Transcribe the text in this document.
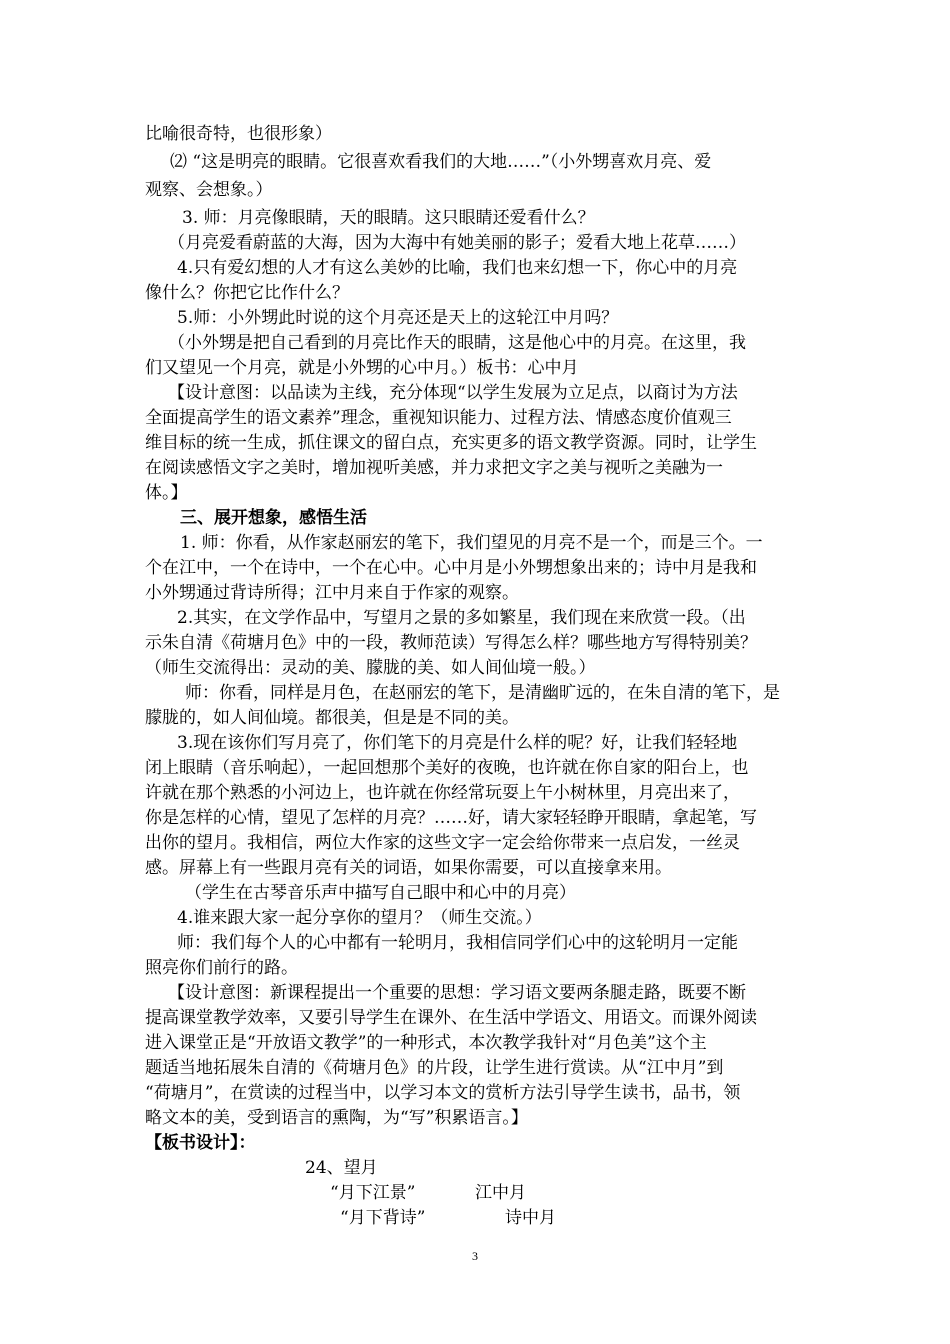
比喻很奇特，也很形象）
⑵ “这是明亮的眼睛。它很喜欢看我们的大地……”（小外甥喜欢月亮、爱
观察、会想象。）
3. 师：月亮像眼睛，天的眼睛。这只眼睛还爱看什么？
（月亮爱看蔚蓝的大海，因为大海中有她美丽的影子；爱看大地上花草……）
4.只有爱幻想的人才有这么美妙的比喻，我们也来幻想一下，你心中的月亮
像什么？你把它比作什么？
5.师：小外甥此时说的这个月亮还是天上的这轮江中月吗？
（小外甥是把自己看到的月亮比作天的眼睛，这是他心中的月亮。在这里，我
们又望见一个月亮，就是小外甥的心中月。）板书：心中月
【设计意图：以品读为主线，充分体现“以学生发展为立足点，以商讨为方法
全面提高学生的语文素养”理念，重视知识能力、过程方法、情感态度价值观三
维目标的统一生成，抓住课文的留白点，充实更多的语文教学资源。同时，让学生
在阅读感悟文字之美时，增加视听美感，并力求把文字之美与视听之美融为一
体。】
三、展开想象，感悟生活
1. 师：你看，从作家赵丽宏的笔下，我们望见的月亮不是一个，而是三个。一
个在江中，一个在诗中，一个在心中。心中月是小外甥想象出来的；诗中月是我和
小外甥通过背诗所得；江中月来自于作家的观察。
2.其实，在文学作品中，写望月之景的多如繁星，我们现在来欣赏一段。（出
示朱自清《荷塘月色》中的一段，教师范读）写得怎么样？哪些地方写得特别美？
（师生交流得出：灵动的美、朦胧的美、如人间仙境一般。）
师：你看，同样是月色，在赵丽宏的笔下，是清幽旷远的，在朱自清的笔下，是
朦胧的，如人间仙境。都很美，但是是不同的美。
3.现在该你们写月亮了，你们笔下的月亮是什么样的呢？好，让我们轻轻地
闭上眼睛（音乐响起），一起回想那个美好的夜晚，也许就在你自家的阳台上，也
许就在那个熟悉的小河边上，也许就在你经常玩耍上午小树林里，月亮出来了，
你是怎样的心情，望见了怎样的月亮？……好，请大家轻轻睁开眼睛，拿起笔，写
出你的望月。我相信，两位大作家的这些文字一定会给你带来一点启发，一丝灵
感。屏幕上有一些跟月亮有关的词语，如果你需要，可以直接拿来用。
（学生在古琴音乐声中描写自己眼中和心中的月亮）
4.谁来跟大家一起分享你的望月？（师生交流。）
师：我们每个人的心中都有一轮明月，我相信同学们心中的这轮明月一定能
照亮你们前行的路。
【设计意图：新课程提出一个重要的思想：学习语文要两条腿走路，既要不断
提高课堂教学效率，又要引导学生在课外、在生活中学语文、用语文。而课外阅读
进入课堂正是“开放语文教学”的一种形式，本次教学我针对“月色美”这个主
题适当地拓展朱自清的《荷塘月色》的片段，让学生进行赏读。从“江中月”到
“荷塘月”，在赏读的过程当中，以学习本文的赏析方法引导学生读书，品书，领
略文本的美，受到语言的熏陶，为“写”积累语言。】
【板书设计】：
24、望月
“月下江景”	江中月
“月下背诗”	诗中月
3
